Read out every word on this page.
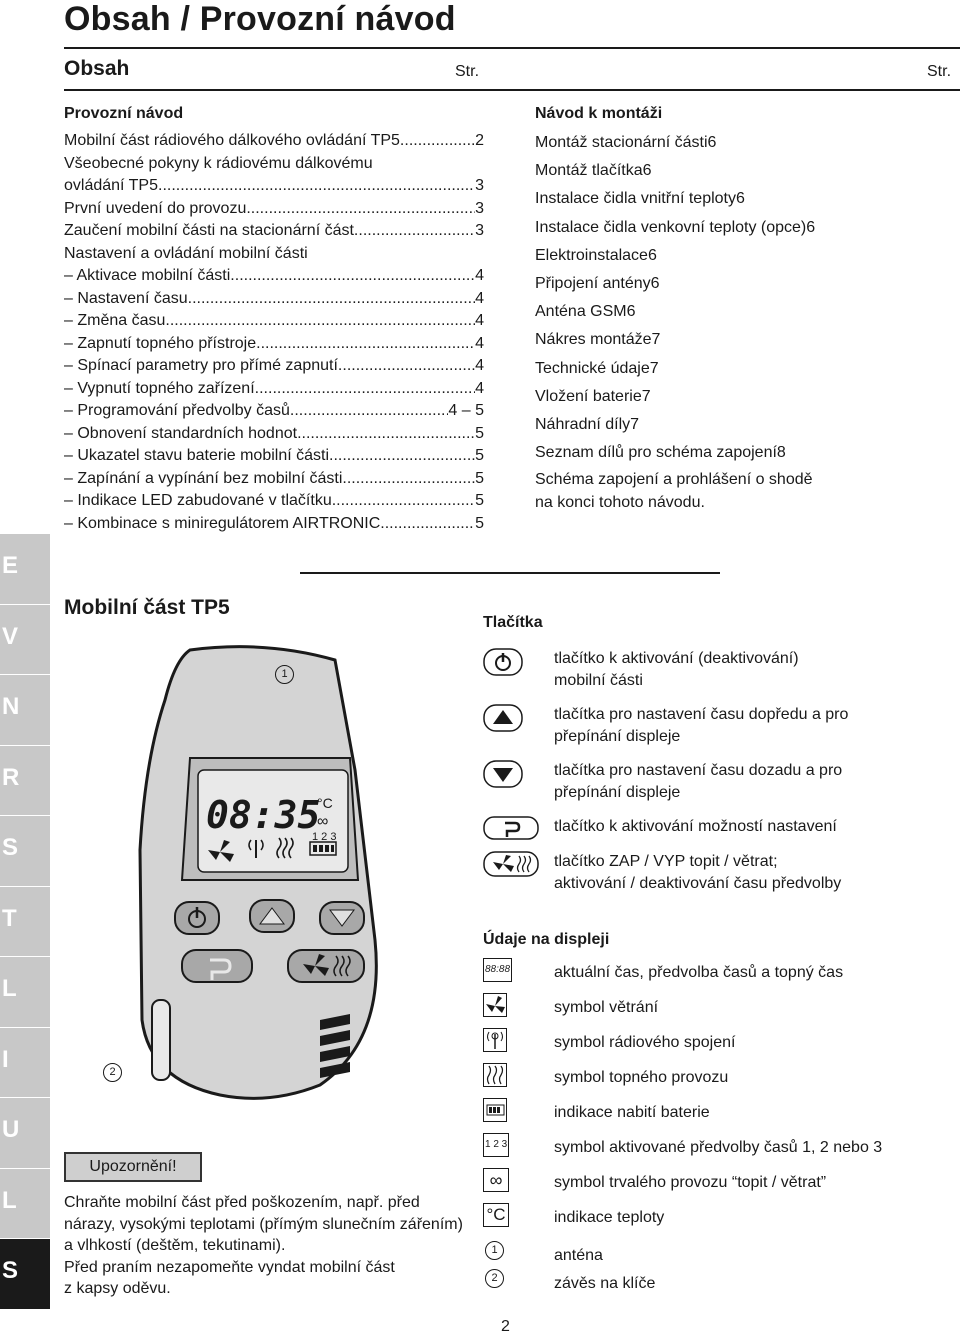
Obsah / Provozní návod
Obsah	Str.	Str.
Provozní návod
Mobilní část rádiového dálkového ovládání TP5 .....	2
Všeobecné pokyny k rádiovému dálkovému
ovládání TP5 .....	3
První uvedení do provozu .....	3
Zaučení mobilní části na stacionární část .....	3
Nastavení a ovládání mobilní části
– Aktivace mobilní části .....	4
– Nastavení času .....	4
– Změna času .....	4
– Zapnutí topného přístroje .....	4
– Spínací parametry pro přímé zapnutí .....	4
– Vypnutí topného zařízení .....	4
– Programování předvolby časů .....	4 – 5
– Obnovení standardních hodnot .....	5
– Ukazatel stavu baterie mobilní části .....	5
– Zapínání a vypínání bez mobilní části .....	5
– Indikace LED zabudované v tlačítku .....	5
– Kombinace s miniregulátorem AIRTRONIC .....	5
Návod k montáži
Montáž stacionární části 6
Montáž tlačítka 6
Instalace čidla vnitřní teploty 6
Instalace čidla venkovní teploty (opce) 6
Elektroinstalace 6
Připojení antény 6
Anténa GSM 6
Nákres montáže 7
Technické údaje 7
Vložení baterie 7
Náhradní díly 7
Seznam dílů pro schéma zapojení 8
Schéma zapojení a prohlášení o shodě
na konci tohoto návodu.
E
V
N
R
S
T
L
I
U
L
S
Mobilní část TP5
08:35
°C
∞
1 2 3
1
2
Tlačítka
tlačítko k aktivování (deaktivování)
mobilní části
tlačítka pro nastavení času dopředu a pro
přepínání displeje
tlačítka pro nastavení času dozadu a pro
přepínání displeje
tlačítko k aktivování možností nastavení
tlačítko ZAP / VYP topit / větrat;
aktivování / deaktivování času předvolby
Údaje na displeji
88:88	aktuální čas, předvolba časů a topný čas
symbol větrání
symbol rádiového spojení
symbol topného provozu
indikace nabití baterie
1 2 3	symbol aktivované předvolby časů 1, 2 nebo 3
∞	symbol trvalého provozu “topit / větrat”
°C	indikace teploty
1	anténa
2	závěs na klíče
Upozornění!
Chraňte mobilní část před poškozením, např. před
nárazy, vysokými teplotami (přímým slunečním zářením)
a vlhkostí (deštěm, tekutinami).
Před praním nezapomeňte vyndat mobilní část
z kapsy oděvu.
2
